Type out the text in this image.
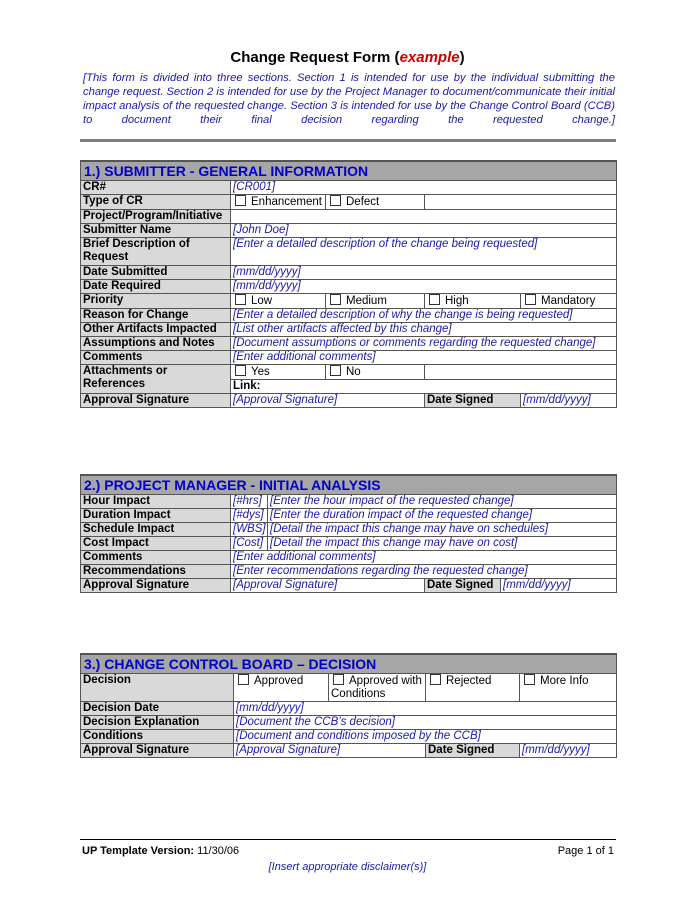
Change Request Form (example)
[This form is divided into three sections. Section 1 is intended for use by the individual submitting the change request. Section 2 is intended for use by the Project Manager to document/communicate their initial impact analysis of the requested change. Section 3 is intended for use by the Change Control Board (CCB) to document their final decision regarding the requested change.]
1.) SUBMITTER - GENERAL INFORMATION				
CR#	[CR001]			
Type of CR	Enhancement	Defect		
Project/Program/Initiative				
Submitter Name	[John Doe]			
Brief Description of Request	[Enter a detailed description of the change being requested]			
Date Submitted	[mm/dd/yyyy]			
Date Required	[mm/dd/yyyy]			
Priority	Low	Medium	High	Mandatory
Reason for Change	[Enter a detailed description of why the change is being requested]			
Other Artifacts Impacted	[List other artifacts affected by this change]			
Assumptions and Notes	[Document assumptions or comments regarding the requested change]			
Comments	[Enter additional comments]			
Attachments or References	Yes	No		
	Link:			
Approval Signature	[Approval Signature]		Date Signed	[mm/dd/yyyy]
2.) PROJECT MANAGER - INITIAL ANALYSIS				
Hour Impact	[#hrs]	[Enter the hour impact of the requested change]		
Duration Impact	[#dys]	[Enter the duration impact of the requested change]		
Schedule Impact	[WBS]	[Detail the impact this change may have on schedules]		
Cost Impact	[Cost]	[Detail the impact this change may have on cost]		
Comments	[Enter additional comments]			
Recommendations	[Enter recommendations regarding the requested change]			
Approval Signature	[Approval Signature]		Date Signed	[mm/dd/yyyy]
3.) CHANGE CONTROL BOARD – DECISION				
Decision	Approved	Approved with Conditions	Rejected	More Info
Decision Date	[mm/dd/yyyy]			
Decision Explanation	[Document the CCB’s decision]			
Conditions	[Document and conditions imposed by the CCB]			
Approval Signature	[Approval Signature]		Date Signed	[mm/dd/yyyy]
UP Template Version: 11/30/06	Page 1 of 1
[Insert appropriate disclaimer(s)]
